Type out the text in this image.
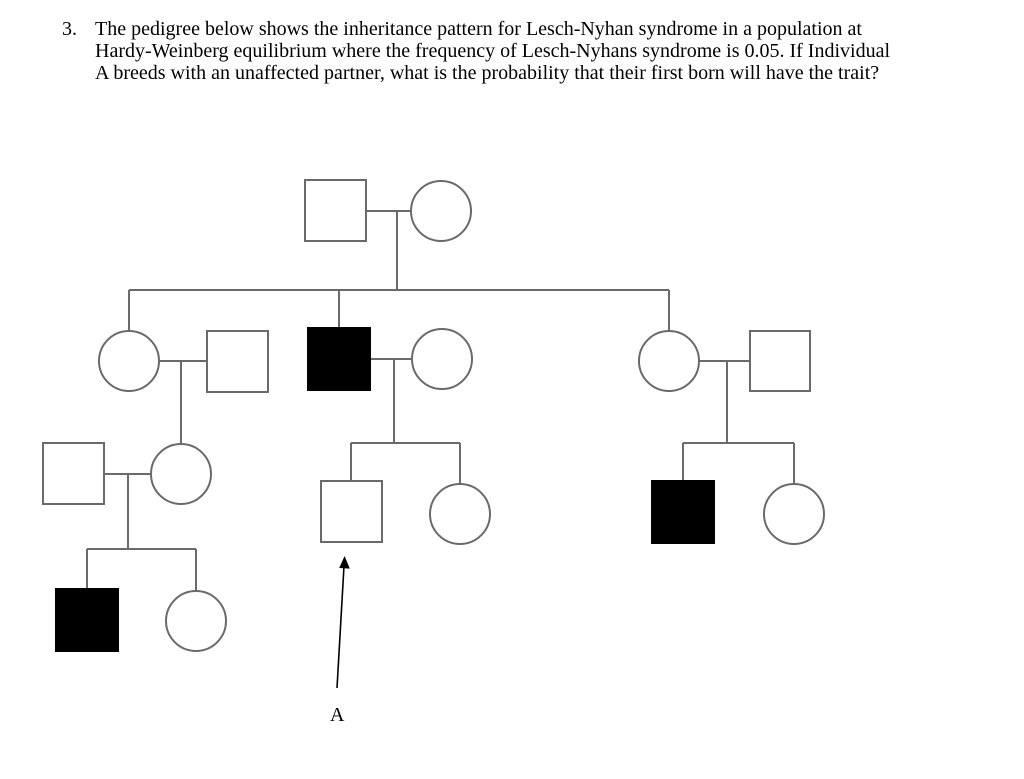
3. The pedigree below shows the inheritance pattern for Lesch-Nyhan syndrome in a population at
Hardy-Weinberg equilibrium where the frequency of Lesch-Nyhans syndrome is 0.05. If Individual
A breeds with an unaffected partner, what is the probability that their first born will have the trait?
A
